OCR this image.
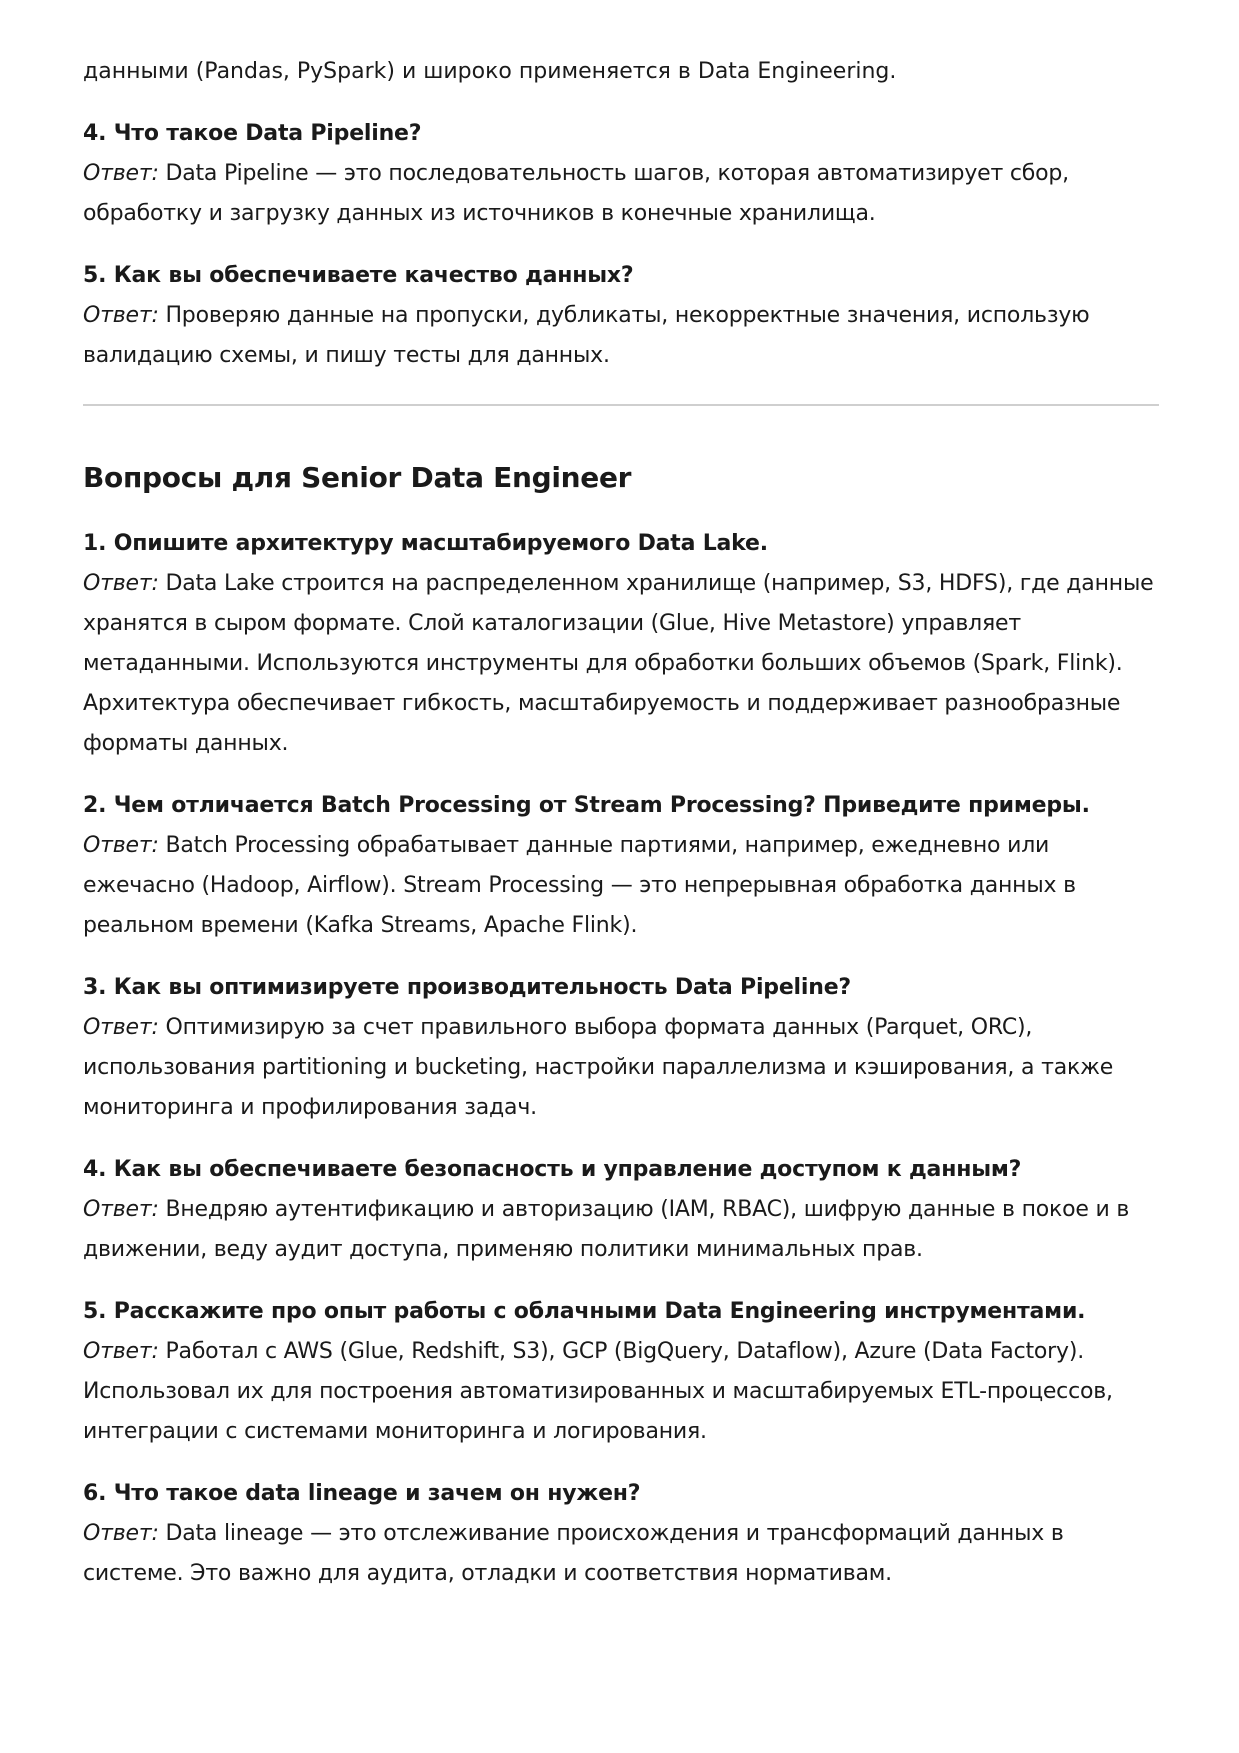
данными (Pandas, PySpark) и широко применяется в Data Engineering.

4. Что такое Data Pipeline?

Ответ: Data Pipeline — это последовательность шагов, которая автоматизирует сбор, обработку и загрузку данных из источников в конечные хранилища.

5. Как вы обеспечиваете качество данных?

Ответ: Проверяю данные на пропуски, дубликаты, некорректные значения, использую валидацию схемы, и пишу тесты для данных.

Вопросы для Senior Data Engineer

1. Опишите архитектуру масштабируемого Data Lake.

Ответ: Data Lake строится на распределенном хранилище (например, S3, HDFS), где данные хранятся в сыром формате. Слой каталогизации (Glue, Hive Metastore) управляет метаданными. Используются инструменты для обработки больших объемов (Spark, Flink). Архитектура обеспечивает гибкость, масштабируемость и поддерживает разнообразные форматы данных.

2. Чем отличается Batch Processing от Stream Processing? Приведите примеры.

Ответ: Batch Processing обрабатывает данные партиями, например, ежедневно или ежечасно (Hadoop, Airflow). Stream Processing — это непрерывная обработка данных в реальном времени (Kafka Streams, Apache Flink).

3. Как вы оптимизируете производительность Data Pipeline?

Ответ: Оптимизирую за счет правильного выбора формата данных (Parquet, ORC), использования partitioning и bucketing, настройки параллелизма и кэширования, а также мониторинга и профилирования задач.

4. Как вы обеспечиваете безопасность и управление доступом к данным?

Ответ: Внедряю аутентификацию и авторизацию (IAM, RBAC), шифрую данные в покое и в движении, веду аудит доступа, применяю политики минимальных прав.

5. Расскажите про опыт работы с облачными Data Engineering инструментами.

Ответ: Работал с AWS (Glue, Redshift, S3), GCP (BigQuery, Dataflow), Azure (Data Factory). Использовал их для построения автоматизированных и масштабируемых ETL-процессов, интеграции с системами мониторинга и логирования.

6. Что такое data lineage и зачем он нужен?

Ответ: Data lineage — это отслеживание происхождения и трансформаций данных в системе. Это важно для аудита, отладки и соответствия нормативам.
